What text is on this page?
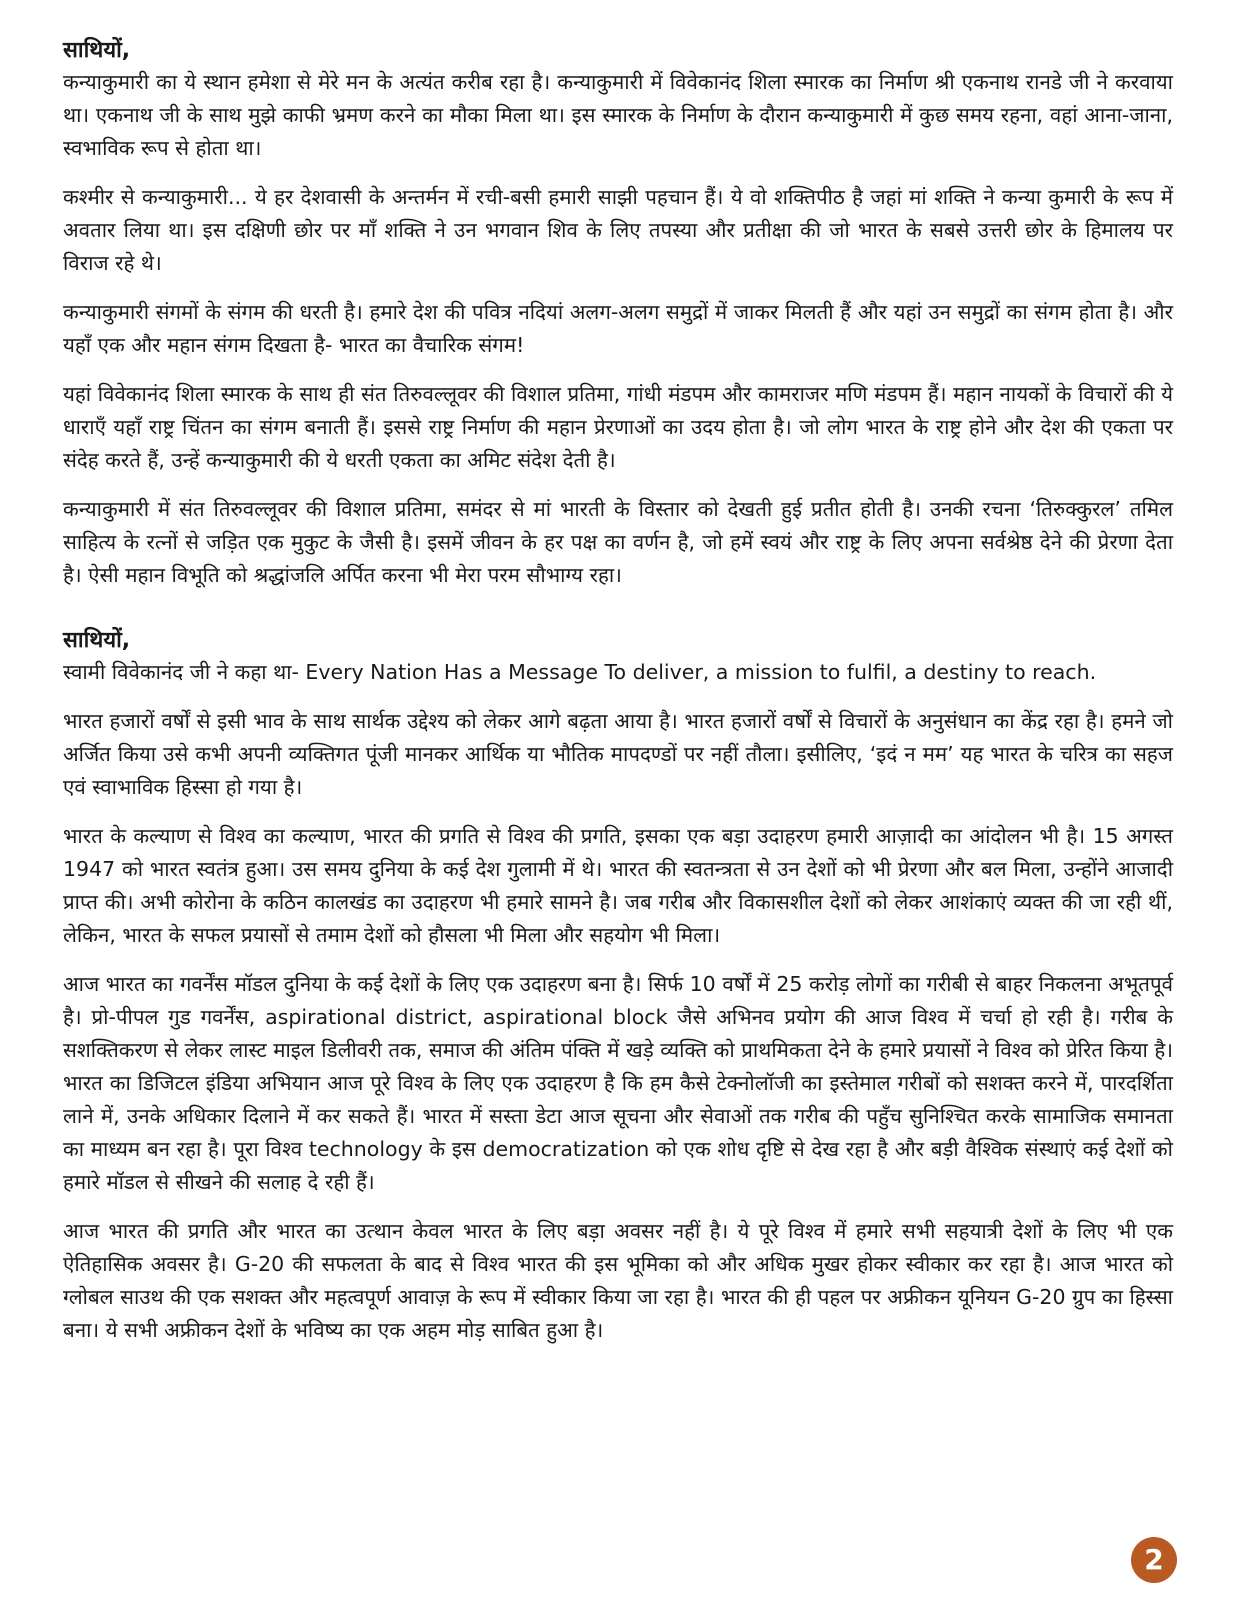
साथियों,

कन्याकुमारी का ये स्थान हमेशा से मेरे मन के अत्यंत करीब रहा है। कन्याकुमारी में विवेकानंद शिला स्मारक का निर्माण श्री एकनाथ रानडे जी ने करवाया था। एकनाथ जी के साथ मुझे काफी भ्रमण करने का मौका मिला था। इस स्मारक के निर्माण के दौरान कन्याकुमारी में कुछ समय रहना, वहां आना-जाना, स्वभाविक रूप से होता था।

कश्मीर से कन्याकुमारी... ये हर देशवासी के अन्तर्मन में रची-बसी हमारी साझी पहचान हैं। ये वो शक्तिपीठ है जहां मां शक्ति ने कन्या कुमारी के रूप में अवतार लिया था। इस दक्षिणी छोर पर माँ शक्ति ने उन भगवान शिव के लिए तपस्या और प्रतीक्षा की जो भारत के सबसे उत्तरी छोर के हिमालय पर विराज रहे थे।

कन्याकुमारी संगमों के संगम की धरती है। हमारे देश की पवित्र नदियां अलग-अलग समुद्रों में जाकर मिलती हैं और यहां उन समुद्रों का संगम होता है। और यहाँ एक और महान संगम दिखता है- भारत का वैचारिक संगम!

यहां विवेकानंद शिला स्मारक के साथ ही संत तिरुवल्लूवर की विशाल प्रतिमा, गांधी मंडपम और कामराजर मणि मंडपम हैं। महान नायकों के विचारों की ये धाराएँ यहाँ राष्ट्र चिंतन का संगम बनाती हैं। इससे राष्ट्र निर्माण की महान प्रेरणाओं का उदय होता है। जो लोग भारत के राष्ट्र होने और देश की एकता पर संदेह करते हैं, उन्हें कन्याकुमारी की ये धरती एकता का अमिट संदेश देती है।

कन्याकुमारी में संत तिरुवल्लूवर की विशाल प्रतिमा, समंदर से मां भारती के विस्तार को देखती हुई प्रतीत होती है। उनकी रचना ‘तिरुक्कुरल’ तमिल साहित्य के रत्नों से जड़ित एक मुकुट के जैसी है। इसमें जीवन के हर पक्ष का वर्णन है, जो हमें स्वयं और राष्ट्र के लिए अपना सर्वश्रेष्ठ देने की प्रेरणा देता है। ऐसी महान विभूति को श्रद्धांजलि अर्पित करना भी मेरा परम सौभाग्य रहा।

साथियों,

स्वामी विवेकानंद जी ने कहा था- Every Nation Has a Message To deliver, a mission to fulfil, a destiny to reach.

भारत हजारों वर्षों से इसी भाव के साथ सार्थक उद्देश्य को लेकर आगे बढ़ता आया है। भारत हजारों वर्षों से विचारों के अनुसंधान का केंद्र रहा है। हमने जो अर्जित किया उसे कभी अपनी व्यक्तिगत पूंजी मानकर आर्थिक या भौतिक मापदण्डों पर नहीं तौला। इसीलिए, ‘इदं न मम’ यह भारत के चरित्र का सहज एवं स्वाभाविक हिस्सा हो गया है।

भारत के कल्याण से विश्व का कल्याण, भारत की प्रगति से विश्व की प्रगति, इसका एक बड़ा उदाहरण हमारी आज़ादी का आंदोलन भी है। 15 अगस्त 1947 को भारत स्वतंत्र हुआ। उस समय दुनिया के कई देश गुलामी में थे। भारत की स्वतन्त्रता से उन देशों को भी प्रेरणा और बल मिला, उन्होंने आजादी प्राप्त की। अभी कोरोना के कठिन कालखंड का उदाहरण भी हमारे सामने है। जब गरीब और विकासशील देशों को लेकर आशंकाएं व्यक्त की जा रही थीं, लेकिन, भारत के सफल प्रयासों से तमाम देशों को हौसला भी मिला और सहयोग भी मिला।

आज भारत का गवर्नेंस मॉडल दुनिया के कई देशों के लिए एक उदाहरण बना है। सिर्फ 10 वर्षों में 25 करोड़ लोगों का गरीबी से बाहर निकलना अभूतपूर्व है। प्रो-पीपल गुड गवर्नेंस, aspirational district, aspirational block जैसे अभिनव प्रयोग की आज विश्व में चर्चा हो रही है। गरीब के सशक्तिकरण से लेकर लास्ट माइल डिलीवरी तक, समाज की अंतिम पंक्ति में खड़े व्यक्ति को प्राथमिकता देने के हमारे प्रयासों ने विश्व को प्रेरित किया है। भारत का डिजिटल इंडिया अभियान आज पूरे विश्व के लिए एक उदाहरण है कि हम कैसे टेक्नोलॉजी का इस्तेमाल गरीबों को सशक्त करने में, पारदर्शिता लाने में, उनके अधिकार दिलाने में कर सकते हैं। भारत में सस्ता डेटा आज सूचना और सेवाओं तक गरीब की पहुँच सुनिश्चित करके सामाजिक समानता का माध्यम बन रहा है। पूरा विश्व technology के इस democratization को एक शोध दृष्टि से देख रहा है और बड़ी वैश्विक संस्थाएं कई देशों को हमारे मॉडल से सीखने की सलाह दे रही हैं।

आज भारत की प्रगति और भारत का उत्थान केवल भारत के लिए बड़ा अवसर नहीं है। ये पूरे विश्व में हमारे सभी सहयात्री देशों के लिए भी एक ऐतिहासिक अवसर है। G-20 की सफलता के बाद से विश्व भारत की इस भूमिका को और अधिक मुखर होकर स्वीकार कर रहा है। आज भारत को ग्लोबल साउथ की एक सशक्त और महत्वपूर्ण आवाज़ के रूप में स्वीकार किया जा रहा है। भारत की ही पहल पर अफ्रीकन यूनियन G-20 ग्रुप का हिस्सा बना। ये सभी अफ्रीकन देशों के भविष्य का एक अहम मोड़ साबित हुआ है।

2
